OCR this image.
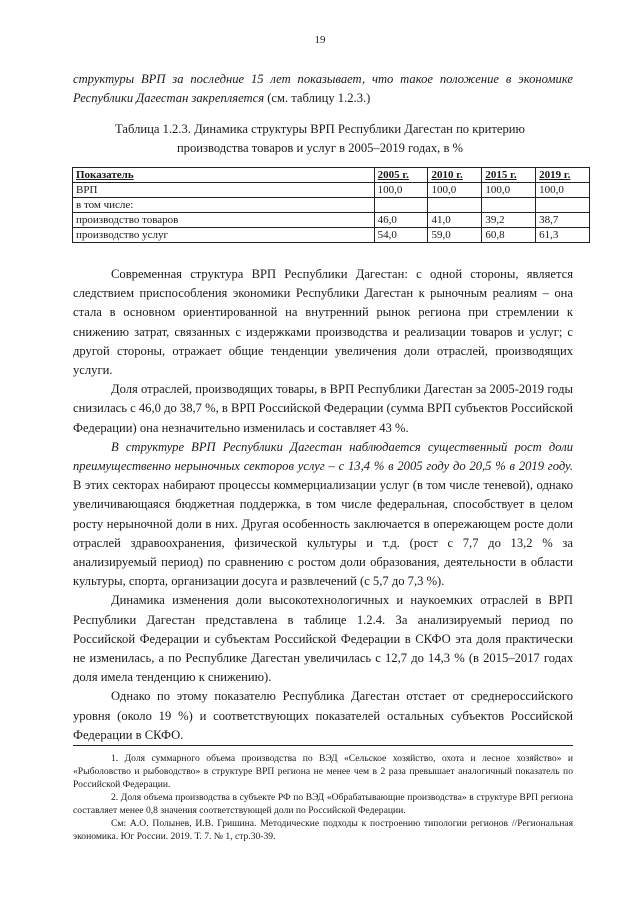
19
структуры ВРП за последние 15 лет показывает, что такое положение в экономике Республики Дагестан закрепляется (см. таблицу 1.2.3.)
Таблица 1.2.3. Динамика структуры ВРП Республики Дагестан по критерию производства товаров и услуг в 2005–2019 годах, в %
Показатель	2005 г.	2010 г.	2015 г.	2019 г.
ВРП	100,0	100,0	100,0	100,0
в том числе:				
производство товаров	46,0	41,0	39,2	38,7
производство услуг	54,0	59,0	60,8	61,3

Современная структура ВРП Республики Дагестан: с одной стороны, является следствием приспособления экономики Республики Дагестан к рыночным реалиям – она стала в основном ориентированной на внутренний рынок региона при стремлении к снижению затрат, связанных с издержками производства и реализации товаров и услуг; с другой стороны, отражает общие тенденции увеличения доли отраслей, производящих услуги.

Доля отраслей, производящих товары, в ВРП Республики Дагестан за 2005-2019 годы снизилась с 46,0 до 38,7 %, в ВРП Российской Федерации (сумма ВРП субъектов Российской Федерации) она незначительно изменилась и составляет 43 %.

В структуре ВРП Республики Дагестан наблюдается существенный рост доли преимущественно нерыночных секторов услуг – с 13,4 % в 2005 году до 20,5 % в 2019 году. В этих секторах набирают процессы коммерциализации услуг (в том числе теневой), однако увеличивающаяся бюджетная поддержка, в том числе федеральная, способствует в целом росту нерыночной доли в них. Другая особенность заключается в опережающем росте доли отраслей здравоохранения, физической культуры и т.д. (рост с 7,7 до 13,2 % за анализируемый период) по сравнению с ростом доли образования, деятельности в области культуры, спорта, организации досуга и развлечений (с 5,7 до 7,3 %).

Динамика изменения доли высокотехнологичных и наукоемких отраслей в ВРП Республики Дагестан представлена в таблице 1.2.4. За анализируемый период по Российской Федерации и субъектам Российской Федерации в СКФО эта доля практически не изменилась, а по Республике Дагестан увеличилась с 12,7 до 14,3 % (в 2015–2017 годах доля имела тенденцию к снижению).

Однако по этому показателю Республика Дагестан отстает от среднероссийского уровня (около 19 %) и соответствующих показателей остальных субъектов Российской Федерации в СКФО.

1. Доля суммарного объема производства по ВЭД «Сельское хозяйство, охота и лесное хозяйство» и «Рыболовство и рыбоводство» в структуре ВРП региона не менее чем в 2 раза превышает аналогичный показатель по Российской Федерации.

2. Доля объема производства в субъекте РФ по ВЭД «Обрабатывающие производства» в структуре ВРП региона составляет менее 0,8 значения соответствующей доли по Российской Федерации.

См: А.О. Полынев, И.В. Гришина. Методические подходы к построению типологии регионов //Региональная экономика. Юг России. 2019. Т. 7. № 1, стр.30-39.
